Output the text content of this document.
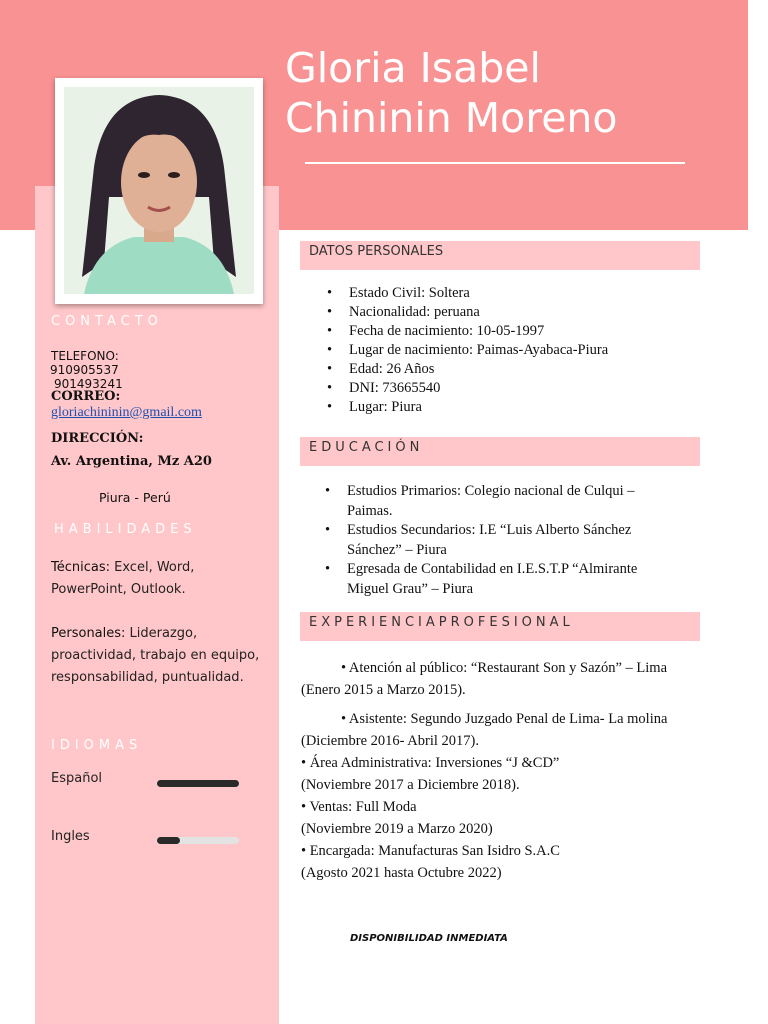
Gloria Isabel
Chininin Moreno
CONTACTO
TELEFONO:
910905537
901493241
CORREO:
gloriachininin@gmail.com
DIRECCIÓN:
Av. Argentina, Mz A20
Piura - Perú
HABILIDADES
Técnicas: Excel, Word, PowerPoint, Outlook.
Personales: Liderazgo, proactividad, trabajo en equipo, responsabilidad, puntualidad.
IDIOMAS
Español
Ingles
DATOS PERSONALES
• Estado Civil: Soltera
• Nacionalidad: peruana
• Fecha de nacimiento: 10-05-1997
• Lugar de nacimiento: Paimas-Ayabaca-Piura
• Edad: 26 Años
• DNI: 73665540
• Lugar: Piura
EDUCACIÓN
• Estudios Primarios: Colegio nacional de Culqui – Paimas.
• Estudios Secundarios: I.E “Luis Alberto Sánchez Sánchez” – Piura
• Egresada de Contabilidad en I.E.S.T.P “Almirante Miguel Grau” – Piura
EXPERIENCIAPROFESIONAL
• Atención al público: “Restaurant Son y Sazón” – Lima
(Enero 2015 a Marzo 2015).
• Asistente: Segundo Juzgado Penal de Lima- La molina
(Diciembre 2016- Abril 2017).
• Área Administrativa: Inversiones “J &CD”
(Noviembre 2017 a Diciembre 2018).
• Ventas: Full Moda
(Noviembre 2019 a Marzo 2020)
• Encargada: Manufacturas San Isidro S.A.C
(Agosto 2021 hasta Octubre 2022)
DISPONIBILIDAD INMEDIATA
